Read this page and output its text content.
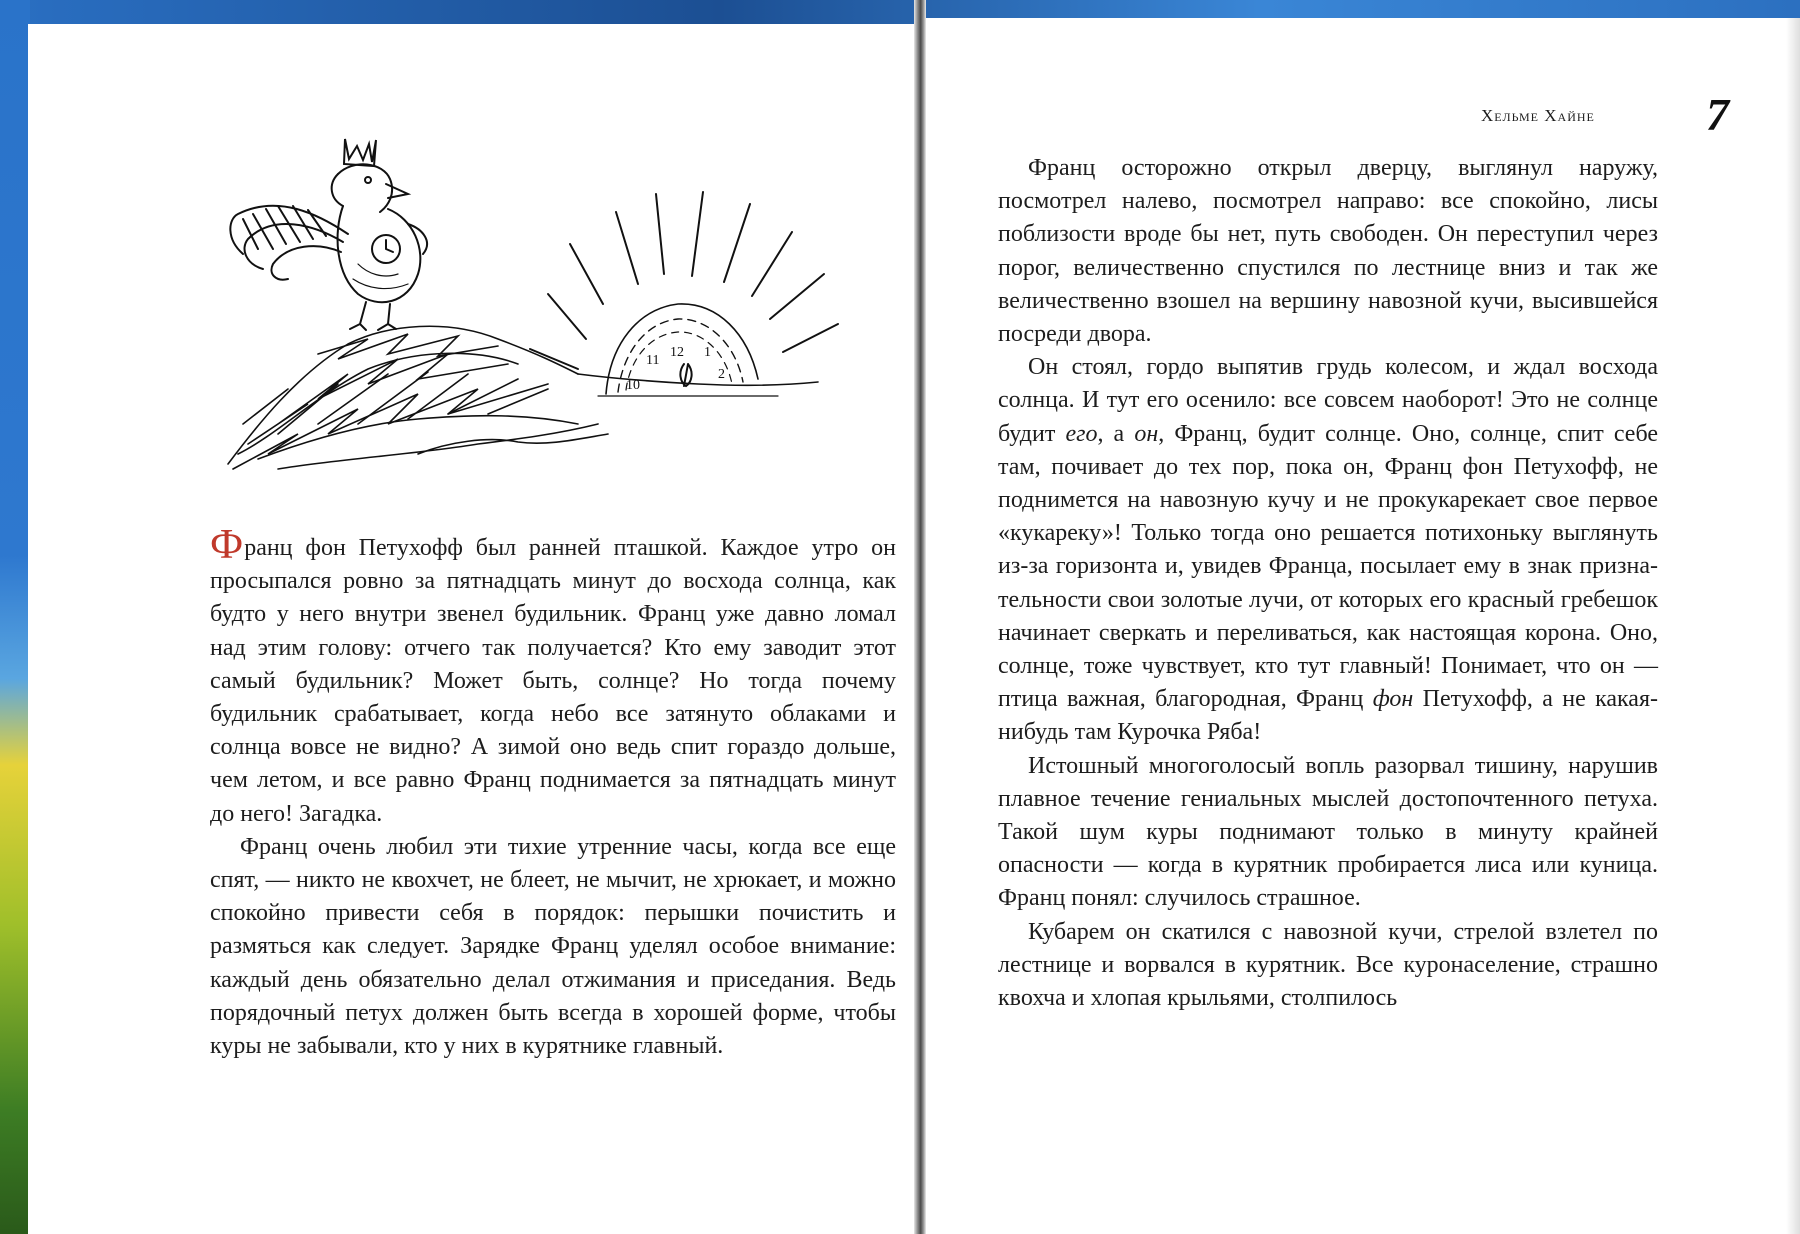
12
11
1
10
2

Франц фон Петухофф был ранней пташкой. Каждое утро он просыпался ровно за пятнадцать минут до восхода солнца, как будто у него внутри звенел будильник. Франц уже давно ломал над этим голову: отчего так получается? Кто ему заводит этот самый будильник? Может быть, солнце? Но тогда почему будильник срабатывает, когда небо все затянуто облаками и солнца вовсе не видно? А зимой оно ведь спит гораздо дольше, чем летом, и все равно Франц поднимается за пятнадцать минут до него! Загадка.

Франц очень любил эти тихие утренние часы, когда все еще спят, — никто не квохчет, не блеет, не мычит, не хрюкает, и можно спокойно привести себя в порядок: перышки почистить и размяться как следует. Зарядке Франц уделял особое внимание: каждый день обязательно делал отжимания и приседания. Ведь порядочный петух должен быть всегда в хорошей форме, чтобы куры не забывали, кто у них в курятнике главный.

Хельме Хайне 7

Франц осторожно открыл дверцу, выглянул наружу, посмотрел налево, посмотрел направо: все спокойно, лисы поблизости вроде бы нет, путь свободен. Он переступил через порог, величественно спустился по лестнице вниз и так же величественно взошел на вершину навозной кучи, высившейся посреди двора.

Он стоял, гордо выпятив грудь колесом, и ждал восхода солнца. И тут его осенило: все совсем наоборот! Это не солнце будит его, а он, Франц, будит солнце. Оно, солнце, спит себе там, почивает до тех пор, пока он, Франц фон Петухофф, не поднимется на навозную кучу и не прокукарекает свое первое «кукареку»! Только тогда оно решается потихоньку выглянуть из-за горизонта и, увидев Франца, посылает ему в знак признательности свои золотые лучи, от которых его красный гребешок начинает сверкать и переливаться, как настоящая корона. Оно, солнце, тоже чувствует, кто тут главный! Понимает, что он — птица важная, благородная, Франц фон Петухофф, а не какая-нибудь там Курочка Ряба!

Истошный многоголосый вопль разорвал тишину, нарушив плавное течение гениальных мыслей достопочтенного петуха. Такой шум куры поднимают только в минуту крайней опасности — когда в курятник пробирается лиса или куница. Франц понял: случилось страшное.

Кубарем он скатился с навозной кучи, стрелой взлетел по лестнице и ворвался в курятник. Все куронаселение, страшно квохча и хлопая крыльями, столпилось
